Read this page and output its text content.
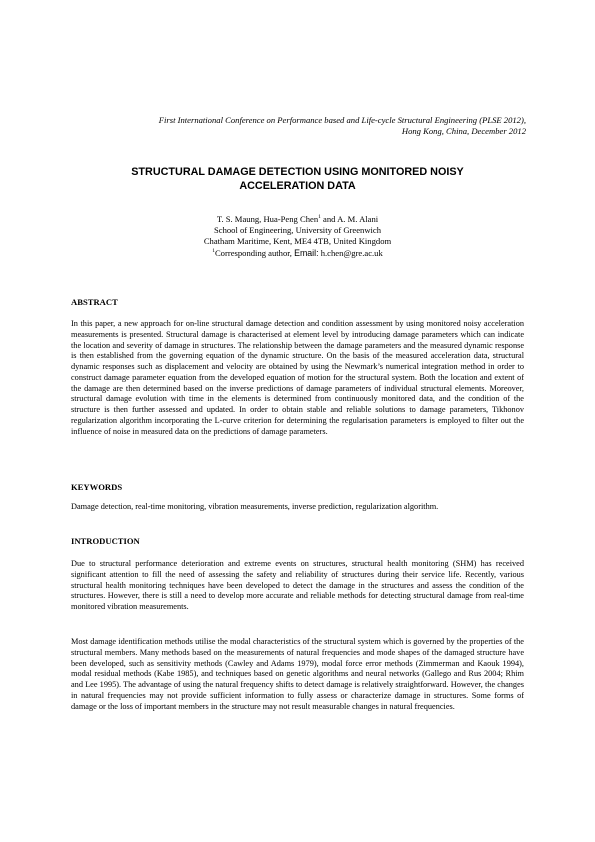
First International Conference on Performance based and Life-cycle Structural Engineering (PLSE 2012),
Hong Kong, China, December 2012
STRUCTURAL DAMAGE DETECTION USING MONITORED NOISY
ACCELERATION DATA
T. S. Maung, Hua-Peng Chen$^1$ and A. M. Alani
School of Engineering, University of Greenwich
Chatham Maritime, Kent, ME4 4TB, United Kingdom
$^1$Corresponding author, Email: h.chen@gre.ac.uk
ABSTRACT
In this paper, a new approach for on-line structural damage detection and condition assessment by using monitored noisy acceleration measurements is presented. Structural damage is characterised at element level by introducing damage parameters which can indicate the location and severity of damage in structures. The relationship between the damage parameters and the measured dynamic response is then established from the governing equation of the dynamic structure. On the basis of the measured acceleration data, structural dynamic responses such as displacement and velocity are obtained by using the Newmark’s numerical integration method in order to construct damage parameter equation from the developed equation of motion for the structural system. Both the location and extent of the damage are then determined based on the inverse predictions of damage parameters of individual structural elements. Moreover, structural damage evolution with time in the elements is determined from continuously monitored data, and the condition of the structure is then further assessed and updated. In order to obtain stable and reliable solutions to damage parameters, Tikhonov regularization algorithm incorporating the L-curve criterion for determining the regularisation parameters is employed to filter out the influence of noise in measured data on the predictions of damage parameters.
KEYWORDS
Damage detection, real-time monitoring, vibration measurements, inverse prediction, regularization algorithm.
INTRODUCTION
Due to structural performance deterioration and extreme events on structures, structural health monitoring (SHM) has received significant attention to fill the need of assessing the safety and reliability of structures during their service life. Recently, various structural health monitoring techniques have been developed to detect the damage in the structures and assess the condition of the structures. However, there is still a need to develop more accurate and reliable methods for detecting structural damage from real-time monitored vibration measurements.
Most damage identification methods utilise the modal characteristics of the structural system which is governed by the properties of the structural members. Many methods based on the measurements of natural frequencies and mode shapes of the damaged structure have been developed, such as sensitivity methods (Cawley and Adams 1979), modal force error methods (Zimmerman and Kaouk 1994), modal residual methods (Kabe 1985), and techniques based on genetic algorithms and neural networks (Gallego and Rus 2004; Rhim and Lee 1995). The advantage of using the natural frequency shifts to detect damage is relatively straightforward. However, the changes in natural frequencies may not provide sufficient information to fully assess or characterize damage in structures. Some forms of damage or the loss of important members in the structure may not result measurable changes in natural frequencies.
